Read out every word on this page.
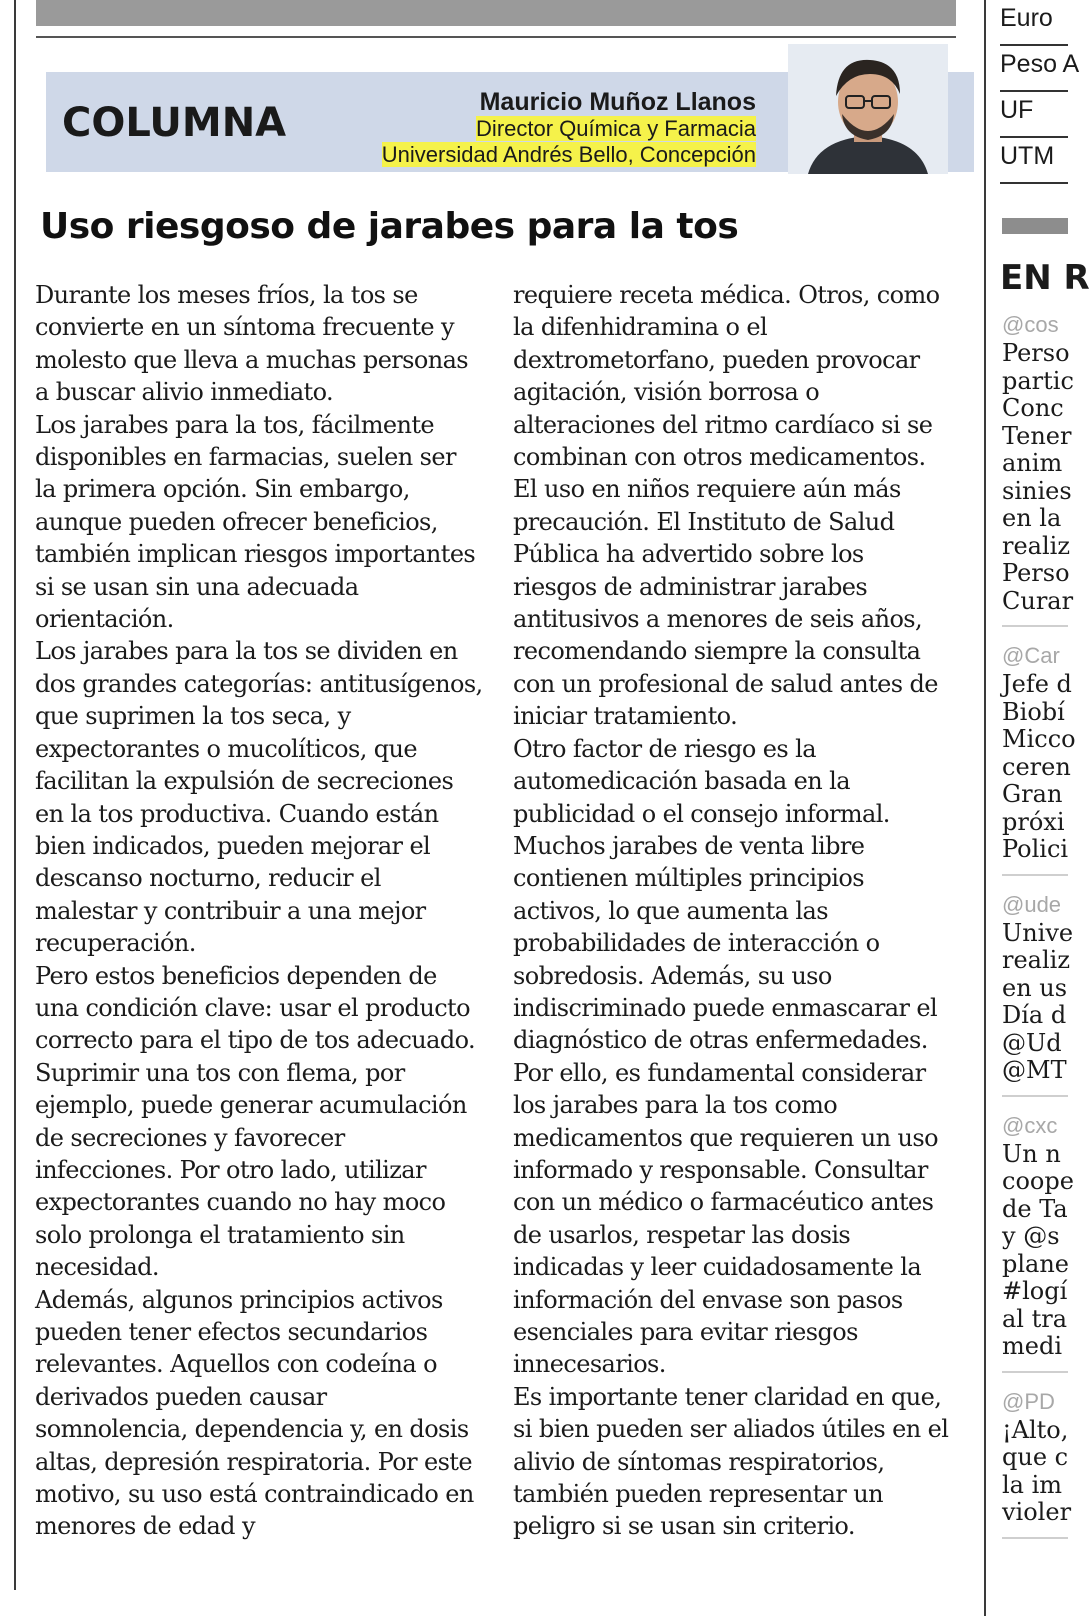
COLUMNA	Mauricio Muñoz Llanos
Director Química y Farmacia
Universidad Andrés Bello, Concepción
Uso riesgoso de jarabes para la tos

Durante los meses fríos, la tos se convierte en un síntoma frecuente y molesto que lleva a muchas personas a buscar alivio inmediato.

Los jarabes para la tos, fácilmente disponibles en farmacias, suelen ser la primera opción. Sin embargo, aunque pueden ofrecer beneficios, también implican riesgos importantes si se usan sin una adecuada orientación.

Los jarabes para la tos se dividen en dos grandes categorías: antitusígenos, que suprimen la tos seca, y expectorantes o mucolíticos, que facilitan la expulsión de secreciones en la tos productiva. Cuando están bien indicados, pueden mejorar el descanso nocturno, reducir el malestar y contribuir a una mejor recuperación.

Pero estos beneficios dependen de una condición clave: usar el producto correcto para el tipo de tos adecuado. Suprimir una tos con flema, por ejemplo, puede generar acumulación de secreciones y favorecer infecciones. Por otro lado, utilizar expectorantes cuando no hay moco solo prolonga el tratamiento sin necesidad.

Además, algunos principios activos pueden tener efectos secundarios relevantes. Aquellos con codeína o derivados pueden causar somnolencia, dependencia y, en dosis altas, depresión respiratoria. Por este motivo, su uso está contraindicado en menores de edad y

requiere receta médica. Otros, como la difenhidramina o el dextrometorfano, pueden provocar agitación, visión borrosa o alteraciones del ritmo cardíaco si se combinan con otros medicamentos.

El uso en niños requiere aún más precaución. El Instituto de Salud Pública ha advertido sobre los riesgos de administrar jarabes antitusivos a menores de seis años, recomendando siempre la consulta con un profesional de salud antes de iniciar tratamiento.

Otro factor de riesgo es la automedicación basada en la publicidad o el consejo informal. Muchos jarabes de venta libre contienen múltiples principios activos, lo que aumenta las probabilidades de interacción o sobredosis. Además, su uso indiscriminado puede enmascarar el diagnóstico de otras enfermedades.

Por ello, es fundamental considerar los jarabes para la tos como medicamentos que requieren un uso informado y responsable. Consultar con un médico o farmacéutico antes de usarlos, respetar las dosis indicadas y leer cuidadosamente la información del envase son pasos esenciales para evitar riesgos innecesarios.

Es importante tener claridad en que, si bien pueden ser aliados útiles en el alivio de síntomas respiratorios, también pueden representar un peligro si se usan sin criterio.

Euro
Peso A
UF
UTM
EN R
@cos
Perso
partic
Conc
Tener
anim
sinies
en la
realiz
Perso
Curar
@Car
Jefe d
Biobí
Micco
ceren
Gran
próxi
Polici
@ude
Unive
realiz
en us
Día d
@Ud
@MT
@cxc
Un n
coope
de Ta
y @s
plane
#logí
al tra
medi
@PD
¡Alto,
que c
la im
violer
